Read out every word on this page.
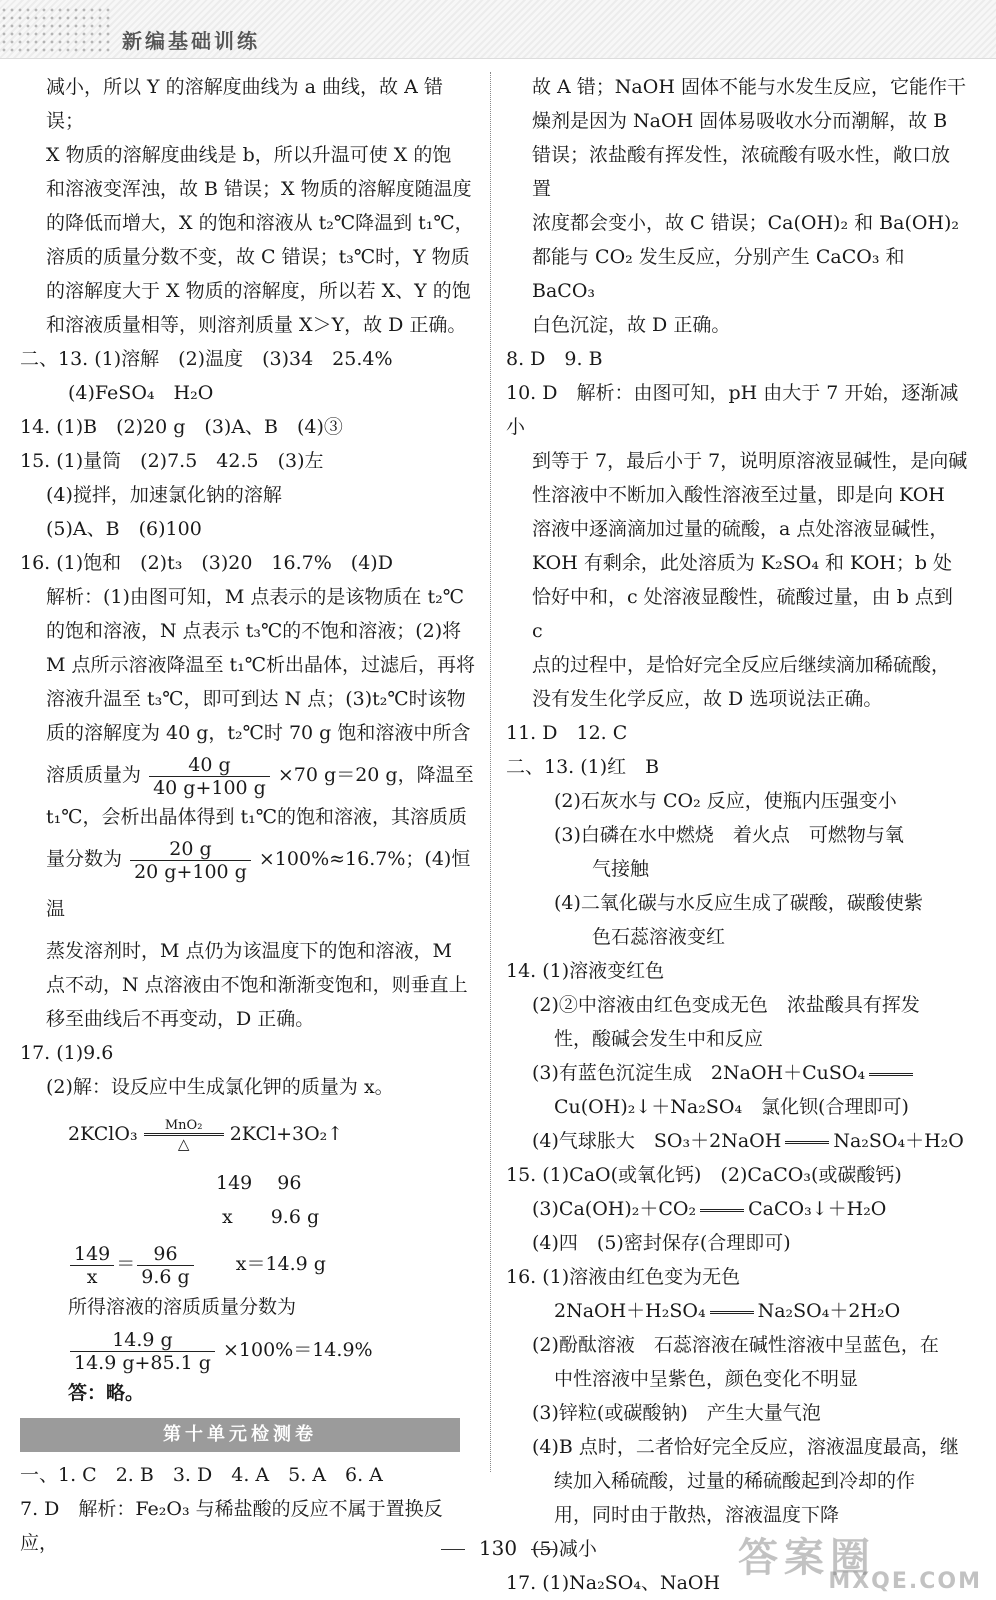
新编基础训练

减小，所以 Y 的溶解度曲线为 a 曲线，故 A 错误；

X 物质的溶解度曲线是 b，所以升温可使 X 的饱

和溶液变浑浊，故 B 错误；X 物质的溶解度随温度

的降低而增大，X 的饱和溶液从 t₂℃降温到 t₁℃，

溶质的质量分数不变，故 C 错误；t₃℃时，Y 物质

的溶解度大于 X 物质的溶解度，所以若 X、Y 的饱

和溶液质量相等，则溶剂质量 X＞Y，故 D 正确。

二、13. (1)溶解　(2)温度　(3)34　25.4%

(4)FeSO₄　H₂O

14. (1)B　(2)20 g　(3)A、B　(4)③

15. (1)量筒　(2)7.5　42.5　(3)左

(4)搅拌，加速氯化钠的溶解

(5)A、B　(6)100

16. (1)饱和　(2)t₃　(3)20　16.7%　(4)D

解析：(1)由图可知，M 点表示的是该物质在 t₂℃

的饱和溶液，N 点表示 t₃℃的不饱和溶液；(2)将

M 点所示溶液降温至 t₁℃析出晶体，过滤后，再将

溶液升温至 t₃℃，即可到达 N 点；(3)t₂℃时该物

质的溶解度为 40 g，t₂℃时 70 g 饱和溶液中所含

溶质质量为 $\frac{40 g}{40 g+100 g} \times 70$ g＝20 g，降温至

t₁℃，会析出晶体得到 t₁℃的饱和溶液，其溶质质

量分数为 $\frac{20 g}{20 g+100 g} \times 100\%\approx 16.7\%$；(4)恒温

蒸发溶剂时，M 点仍为该温度下的饱和溶液，M

点不动，N 点溶液由不饱和渐渐变饱和，则垂直上

移至曲线后不再变动，D 正确。

17. (1)9.6

(2)解：设反应中生成氯化钾的质量为 x。

2KClO₃	MnO₂
△	2KCl+3O₂↑

149　 96

x　　9.6 g

$\frac{149}{x} = \frac{96}{9.6 g} x=14.9$ g

所得溶液的溶质质量分数为

$\frac{14.9 g}{14.9 g+85.1 g} \times 100\%=14.9\%$

答：略。

第十单元检测卷

一、1. C　2. B　3. D　4. A　5. A　6. A

7. D　解析：Fe₂O₃ 与稀盐酸的反应不属于置换反应，

故 A 错；NaOH 固体不能与水发生反应，它能作干

燥剂是因为 NaOH 固体易吸收水分而潮解，故 B

错误；浓盐酸有挥发性，浓硫酸有吸水性，敞口放置

浓度都会变小，故 C 错误；Ca(OH)₂ 和 Ba(OH)₂

都能与 CO₂ 发生反应，分别产生 CaCO₃ 和 BaCO₃

白色沉淀，故 D 正确。

8. D　9. B

10. D　解析：由图可知，pH 由大于 7 开始，逐渐减小

到等于 7，最后小于 7，说明原溶液显碱性，是向碱

性溶液中不断加入酸性溶液至过量，即是向 KOH

溶液中逐滴滴加过量的硫酸，a 点处溶液显碱性，

KOH 有剩余，此处溶质为 K₂SO₄ 和 KOH；b 处

恰好中和，c 处溶液显酸性，硫酸过量，由 b 点到 c

点的过程中，是恰好完全反应后继续滴加稀硫酸，

没有发生化学反应，故 D 选项说法正确。

11. D　12. C

二、13. (1)红　B

(2)石灰水与 CO₂ 反应，使瓶内压强变小

(3)白磷在水中燃烧　着火点　可燃物与氧

气接触

(4)二氧化碳与水反应生成了碳酸，碳酸使紫

色石蕊溶液变红

14. (1)溶液变红色

(2)②中溶液由红色变成无色　浓盐酸具有挥发

性，酸碱会发生中和反应

(3)有蓝色沉淀生成　2NaOH＋CuSO₄

Cu(OH)₂↓＋Na₂SO₄　氯化钡(合理即可)

(4)气球胀大　SO₃＋2NaOH	Na₂SO₄＋H₂O

15. (1)CaO(或氧化钙)　(2)CaCO₃(或碳酸钙)

(3)Ca(OH)₂＋CO₂	CaCO₃↓＋H₂O

(4)四　(5)密封保存(合理即可)

16. (1)溶液由红色变为无色

2NaOH＋H₂SO₄	Na₂SO₄＋2H₂O

(2)酚酞溶液　石蕊溶液在碱性溶液中呈蓝色，在

中性溶液中呈紫色，颜色变化不明显

(3)锌粒(或碳酸钠)　产生大量气泡

(4)B 点时，二者恰好完全反应，溶液温度最高，继

续加入稀硫酸，过量的稀硫酸起到冷却的作

用，同时由于散热，溶液温度下降

(5)减小

17. (1)Na₂SO₄、NaOH

130	答案圈
MXQE.COM
